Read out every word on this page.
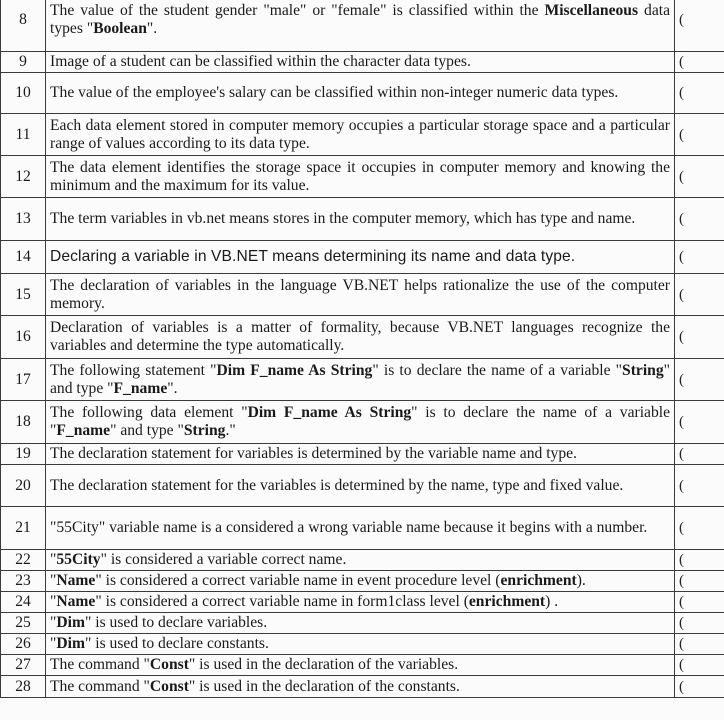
8	The value of the student gender "male" or "female" is classified within the Miscellaneous data types "Boolean".	(
9	Image of a student can be classified within the character data types.	(
10	The value of the employee's salary can be classified within non-integer numeric data types.	(
11	Each data element stored in computer memory occupies a particular storage space and a particular range of values according to its data type.	(
12	The data element identifies the storage space it occupies in computer memory and knowing the minimum and the maximum for its value.	(
13	The term variables in vb.net means stores in the computer memory, which has type and name.	(
14	Declaring a variable in VB.NET means determining its name and data type.	(
15	The declaration of variables in the language VB.NET helps rationalize the use of the computer memory.	(
16	Declaration of variables is a matter of formality, because VB.NET languages recognize the variables and determine the type automatically.	(
17	The following statement "Dim F_name As String" is to declare the name of a variable "String" and type "F_name".	(
18	The following data element "Dim F_name As String" is to declare the name of a variable "F_name" and type "String."	(
19	The declaration statement for variables is determined by the variable name and type.	(
20	The declaration statement for the variables is determined by the name, type and fixed value.	(
21	"55City" variable name is a considered a wrong variable name because it begins with a number.	(
22	"55City" is considered a variable correct name.	(
23	"Name" is considered a correct variable name in event procedure level (enrichment).	(
24	"Name" is considered a correct variable name in form1class level (enrichment) .	(
25	"Dim" is used to declare variables.	(
26	"Dim" is used to declare constants.	(
27	The command "Const" is used in the declaration of the variables.	(
28	The command "Const" is used in the declaration of the constants.	(
